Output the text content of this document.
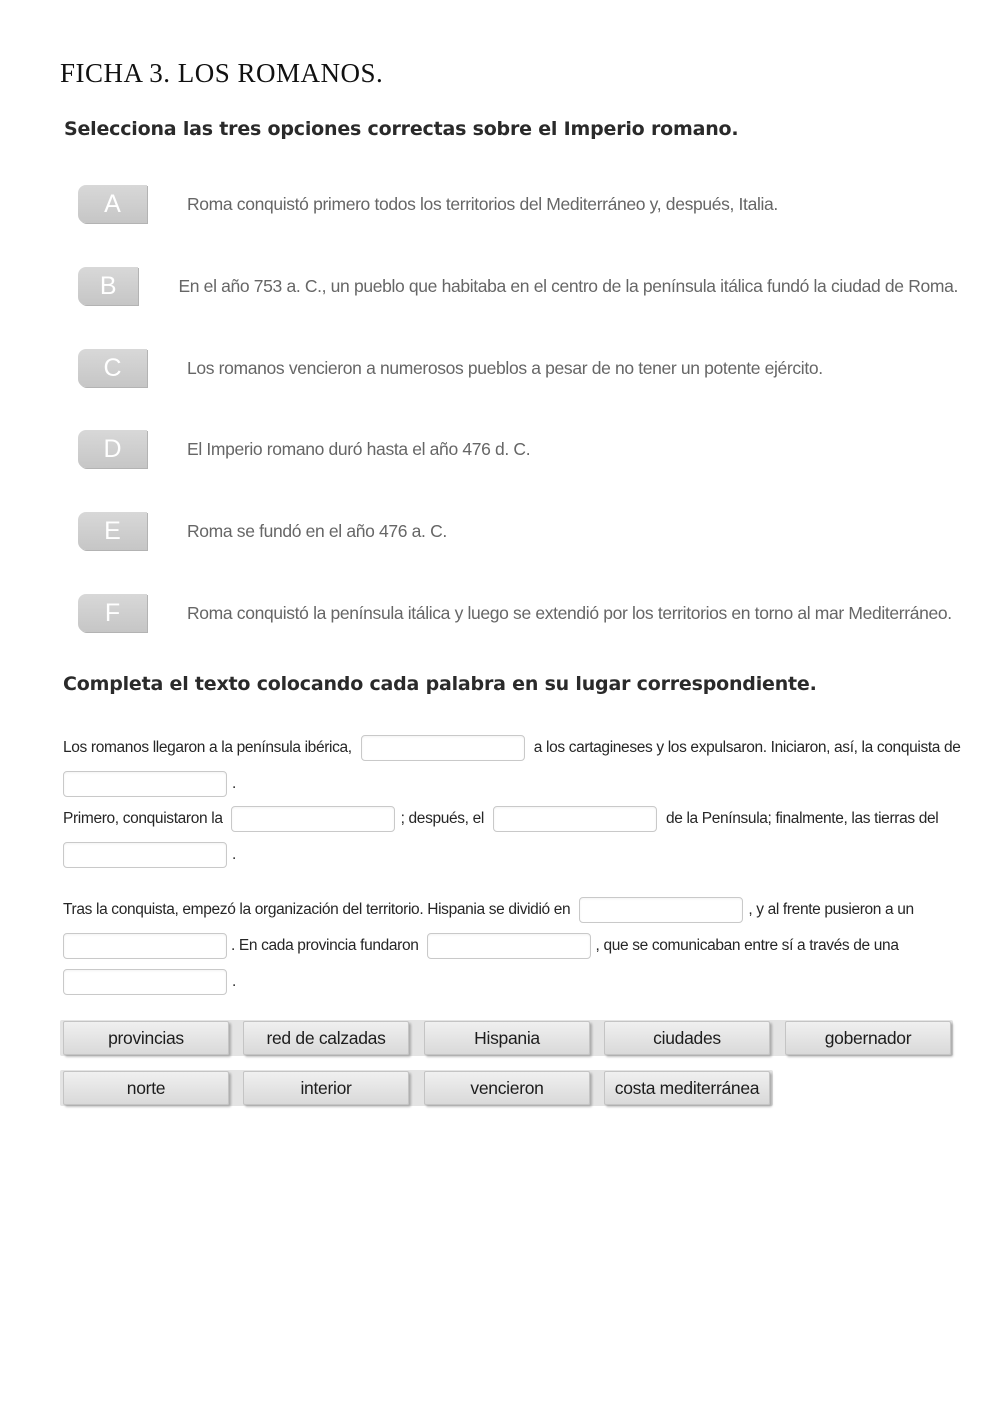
FICHA 3. LOS ROMANOS.
Selecciona las tres opciones correctas sobre el Imperio romano.
A	Roma conquistó primero todos los territorios del Mediterráneo y, después, Italia.
B	En el año 753 a. C., un pueblo que habitaba en el centro de la península itálica fundó la ciudad de Roma.
C	Los romanos vencieron a numerosos pueblos a pesar de no tener un potente ejército.
D	El Imperio romano duró hasta el año 476 d. C.
E	Roma se fundó en el año 476 a. C.
F	Roma conquistó la península itálica y luego se extendió por los territorios en torno al mar Mediterráneo.
Completa el texto colocando cada palabra en su lugar correspondiente.
Los romanos llegaron a la península ibérica,	a los cartagineses y los expulsaron. Iniciaron, así, la conquista de
.
Primero, conquistaron la	; después, el	de la Península; finalmente, las tierras del
.
Tras la conquista, empezó la organización del territorio. Hispania se dividió en	, y al frente pusieron a un
. En cada provincia fundaron	, que se comunicaban entre sí a través de una
.
provincias	red de calzadas	Hispania	ciudades	gobernador
norte	interior	vencieron	costa mediterránea
